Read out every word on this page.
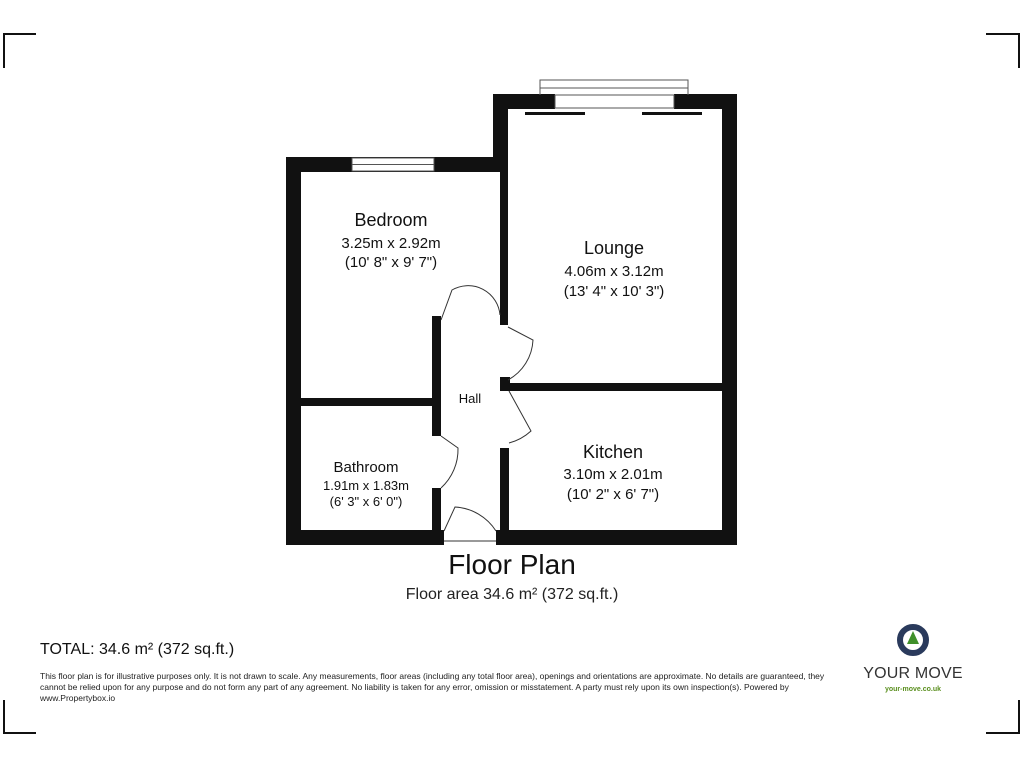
Bedroom
3.25m x 2.92m
(10' 8" x 9' 7")
Lounge
4.06m x 3.12m
(13' 4" x 10' 3")
Hall
Bathroom
1.91m x 1.83m
(6' 3" x 6' 0")
Kitchen
3.10m x 2.01m
(10' 2" x 6' 7")
Floor Plan
Floor area 34.6 m² (372 sq.ft.)
TOTAL: 34.6 m² (372 sq.ft.)
This floor plan is for illustrative purposes only. It is not drawn to scale. Any measurements, floor areas (including any total floor area), openings and orientations are approximate. No details are guaranteed, they cannot be relied upon for any purpose and do not form any part of any agreement. No liability is taken for any error, omission or misstatement. A party must rely upon its own inspection(s). Powered by www.Propertybox.io
YOUR MOVE
your-move.co.uk
